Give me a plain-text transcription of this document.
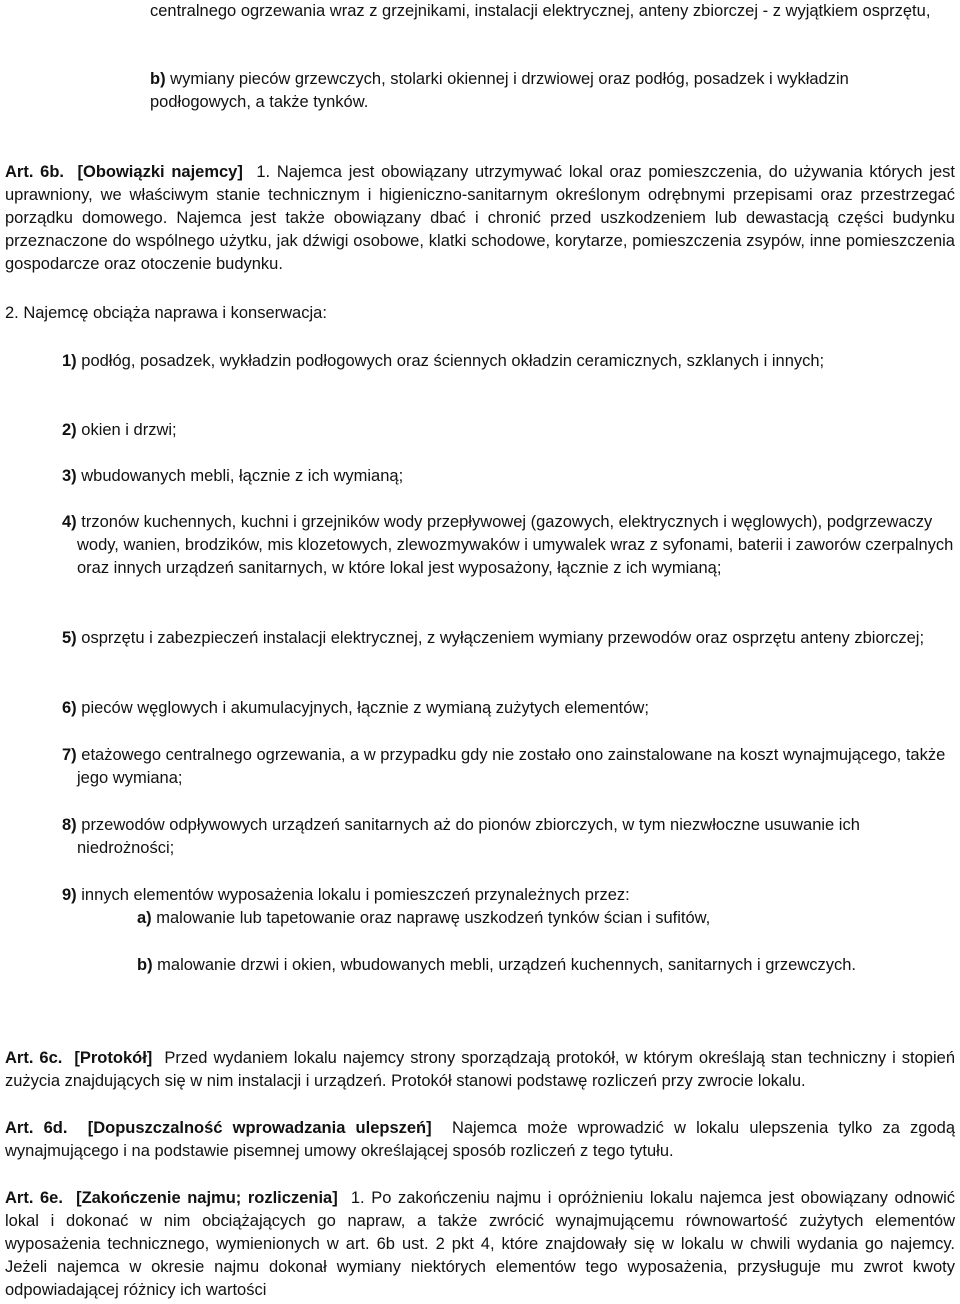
centralnego ogrzewania wraz z grzejnikami, instalacji elektrycznej, anteny zbiorczej - z wyjątkiem osprzętu,

b) wymiany pieców grzewczych, stolarki okiennej i drzwiowej oraz podłóg, posadzek i wykładzin podłogowych, a także tynków.
Art. 6b. [Obowiązki najemcy] 1. Najemca jest obowiązany utrzymywać lokal oraz pomieszczenia, do używania których jest uprawniony, we właściwym stanie technicznym i higieniczno-sanitarnym określonym odrębnymi przepisami oraz przestrzegać porządku domowego. Najemca jest także obowiązany dbać i chronić przed uszkodzeniem lub dewastacją części budynku przeznaczone do wspólnego użytku, jak dźwigi osobowe, klatki schodowe, korytarze, pomieszczenia zsypów, inne pomieszczenia gospodarcze oraz otoczenie budynku.
2. Najemcę obciąża naprawa i konserwacja:
1) podłóg, posadzek, wykładzin podłogowych oraz ściennych okładzin ceramicznych, szklanych i innych;
2) okien i drzwi;
3) wbudowanych mebli, łącznie z ich wymianą;
4) trzonów kuchennych, kuchni i grzejników wody przepływowej (gazowych, elektrycznych i węglowych), podgrzewaczy wody, wanien, brodzików, mis klozetowych, zlewozmywaków i umywalek wraz z syfonami, baterii i zaworów czerpalnych oraz innych urządzeń sanitarnych, w które lokal jest wyposażony, łącznie z ich wymianą;
5) osprzętu i zabezpieczeń instalacji elektrycznej, z wyłączeniem wymiany przewodów oraz osprzętu anteny zbiorczej;
6) pieców węglowych i akumulacyjnych, łącznie z wymianą zużytych elementów;
7) etażowego centralnego ogrzewania, a w przypadku gdy nie zostało ono zainstalowane na koszt wynajmującego, także jego wymiana;
8) przewodów odpływowych urządzeń sanitarnych aż do pionów zbiorczych, w tym niezwłoczne usuwanie ich niedrożności;
9) innych elementów wyposażenia lokalu i pomieszczeń przynależnych przez:
a) malowanie lub tapetowanie oraz naprawę uszkodzeń tynków ścian i sufitów,
b) malowanie drzwi i okien, wbudowanych mebli, urządzeń kuchennych, sanitarnych i grzewczych.
Art. 6c. [Protokół] Przed wydaniem lokalu najemcy strony sporządzają protokół, w którym określają stan techniczny i stopień zużycia znajdujących się w nim instalacji i urządzeń. Protokół stanowi podstawę rozliczeń przy zwrocie lokalu.
Art. 6d. [Dopuszczalność wprowadzania ulepszeń] Najemca może wprowadzić w lokalu ulepszenia tylko za zgodą wynajmującego i na podstawie pisemnej umowy określającej sposób rozliczeń z tego tytułu.
Art. 6e. [Zakończenie najmu; rozliczenia] 1. Po zakończeniu najmu i opróżnieniu lokalu najemca jest obowiązany odnowić lokal i dokonać w nim obciążających go napraw, a także zwrócić wynajmującemu równowartość zużytych elementów wyposażenia technicznego, wymienionych w art. 6b ust. 2 pkt 4, które znajdowały się w lokalu w chwili wydania go najemcy. Jeżeli najemca w okresie najmu dokonał wymiany niektórych elementów tego wyposażenia, przysługuje mu zwrot kwoty odpowiadającej różnicy ich wartości
